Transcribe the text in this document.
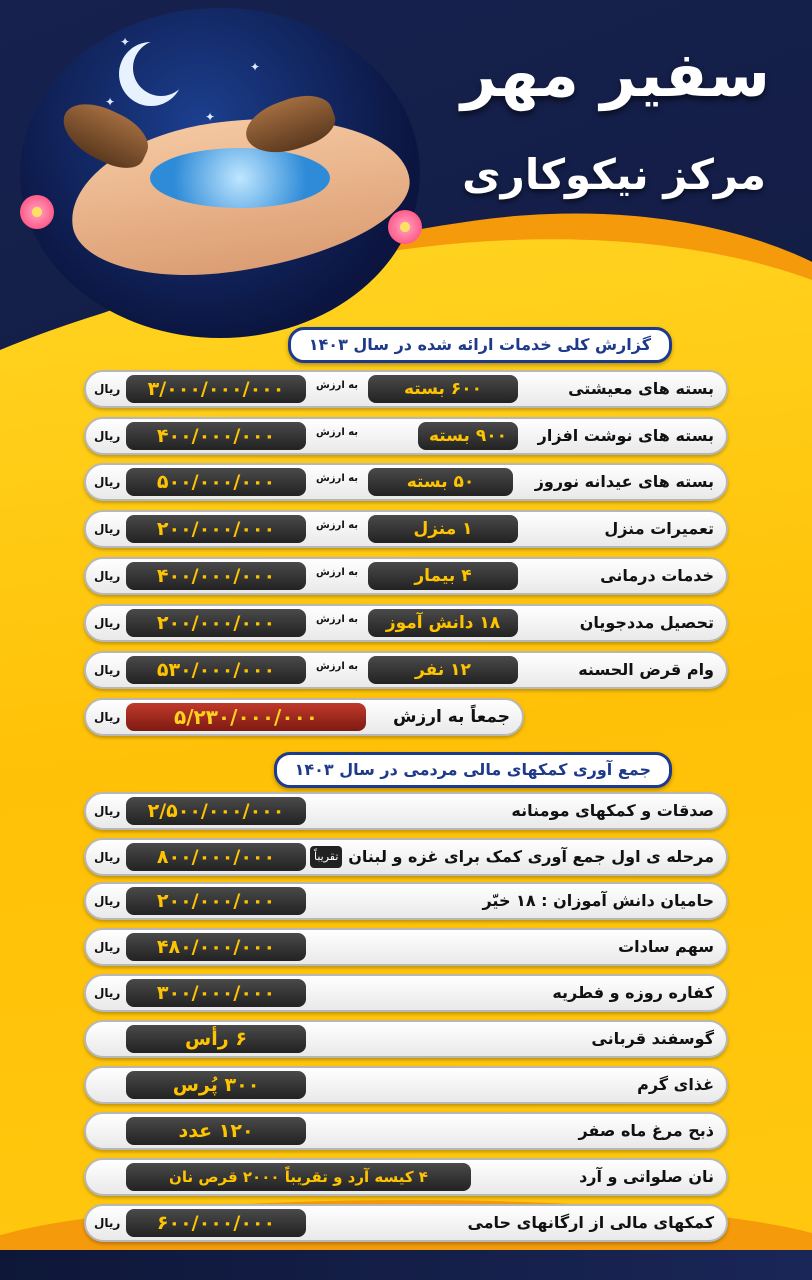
✦
✦
✦
✦	سفیر مهر
مرکز نیکوکاری
گزارش کلی خدمات ارائه شده در سال ۱۴۰۳
بسته های معیشتی
۶۰۰ بسته
به ارزش
۳/۰۰۰/۰۰۰/۰۰۰
ریال
بسته های نوشت افزار
۹۰۰ بسته
به ارزش
۴۰۰/۰۰۰/۰۰۰
ریال
بسته های عیدانه نوروز
۵۰ بسته
به ارزش
۵۰۰/۰۰۰/۰۰۰
ریال
تعمیرات منزل
۱ منزل
به ارزش
۲۰۰/۰۰۰/۰۰۰
ریال
خدمات درمانی
۴ بیمار
به ارزش
۴۰۰/۰۰۰/۰۰۰
ریال
تحصیل مددجویان
۱۸ دانش آموز
به ارزش
۲۰۰/۰۰۰/۰۰۰
ریال
وام قرض الحسنه
۱۲ نفر
به ارزش
۵۳۰/۰۰۰/۰۰۰
ریال
جمعاً به ارزش
۵/۲۳۰/۰۰۰/۰۰۰
ریال
جمع آوری کمکهای مالی مردمی در سال ۱۴۰۳
صدقات و کمکهای مومنانه
۲/۵۰۰/۰۰۰/۰۰۰
ریال
مرحله ی اول جمع آوری کمک برای غزه و لبنان
تقریباً
۸۰۰/۰۰۰/۰۰۰
ریال
حامیان دانش آموزان : ۱۸ خیّر
۲۰۰/۰۰۰/۰۰۰
ریال
سهم سادات
۴۸۰/۰۰۰/۰۰۰
ریال
کفاره روزه و فطریه
۳۰۰/۰۰۰/۰۰۰
ریال
گوسفند قربانی
۶ رأس
غذای گرم
۳۰۰ پُرس
ذبح مرغ ماه صفر
۱۲۰ عدد
نان صلواتی و آرد
۴ کیسه آرد و تقریباً ۲۰۰۰ قرص نان
کمکهای مالی از ارگانهای حامی
۶۰۰/۰۰۰/۰۰۰
ریال
